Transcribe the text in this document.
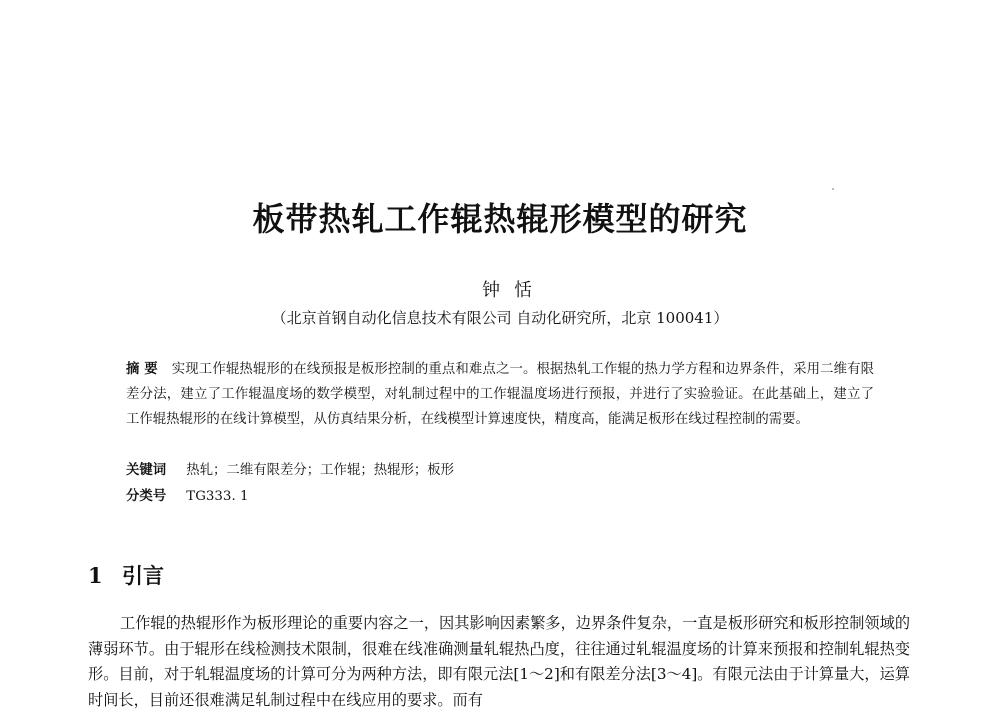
板带热轧工作辊热辊形模型的研究
钟恬
（北京首钢自动化信息技术有限公司 自动化研究所，北京 100041）
摘 要 实现工作辊热辊形的在线预报是板形控制的重点和难点之一。根据热轧工作辊的热力学方程和边界条件，采用二维有限差分法，建立了工作辊温度场的数学模型，对轧制过程中的工作辊温度场进行预报，并进行了实验验证。在此基础上，建立了工作辊热辊形的在线计算模型，从仿真结果分析，在线模型计算速度快，精度高，能满足板形在线过程控制的需要。
关键词 热轧；二维有限差分；工作辊；热辊形；板形
分类号 TG333. 1
1 引言
工作辊的热辊形作为板形理论的重要内容之一，因其影响因素繁多，边界条件复杂，一直是板形研究和板形控制领域的薄弱环节。由于辊形在线检测技术限制，很难在线准确测量轧辊热凸度，往往通过轧辊温度场的计算来预报和控制轧辊热变形。目前，对于轧辊温度场的计算可分为两种方法，即有限元法[1～2]和有限差分法[3～4]。有限元法由于计算量大，运算时间长，目前还很难满足轧制过程中在线应用的要求。而有
